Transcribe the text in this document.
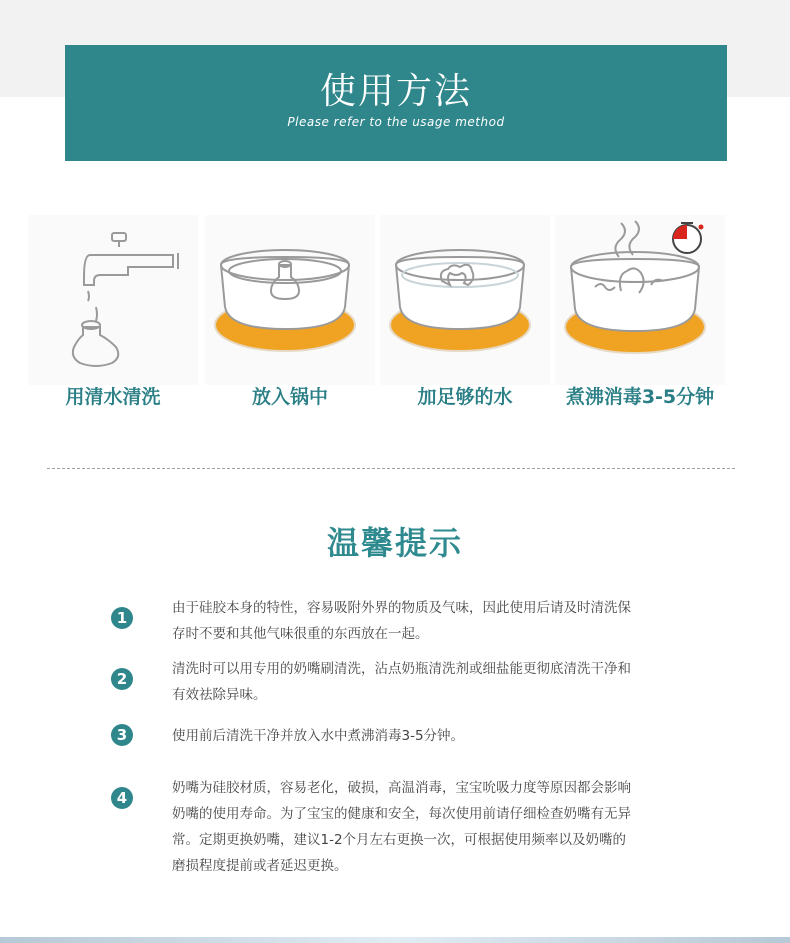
使用方法
Please refer to the usage method
用清水清洗	放入锅中	加足够的水	煮沸消毒3-5分钟
温馨提示
1
由于硅胶本身的特性，容易吸附外界的物质及气味，因此使用后请及时清洗保
存时不要和其他气味很重的东西放在一起。
2
清洗时可以用专用的奶嘴刷清洗，沾点奶瓶清洗剂或细盐能更彻底清洗干净和
有效祛除异味。
3	使用前后清洗干净并放入水中煮沸消毒3-5分钟。
4
奶嘴为硅胶材质，容易老化，破损，高温消毒，宝宝吮吸力度等原因都会影响
奶嘴的使用寿命。为了宝宝的健康和安全，每次使用前请仔细检查奶嘴有无异
常。定期更换奶嘴，建议1-2个月左右更换一次，可根据使用频率以及奶嘴的
磨损程度提前或者延迟更换。
